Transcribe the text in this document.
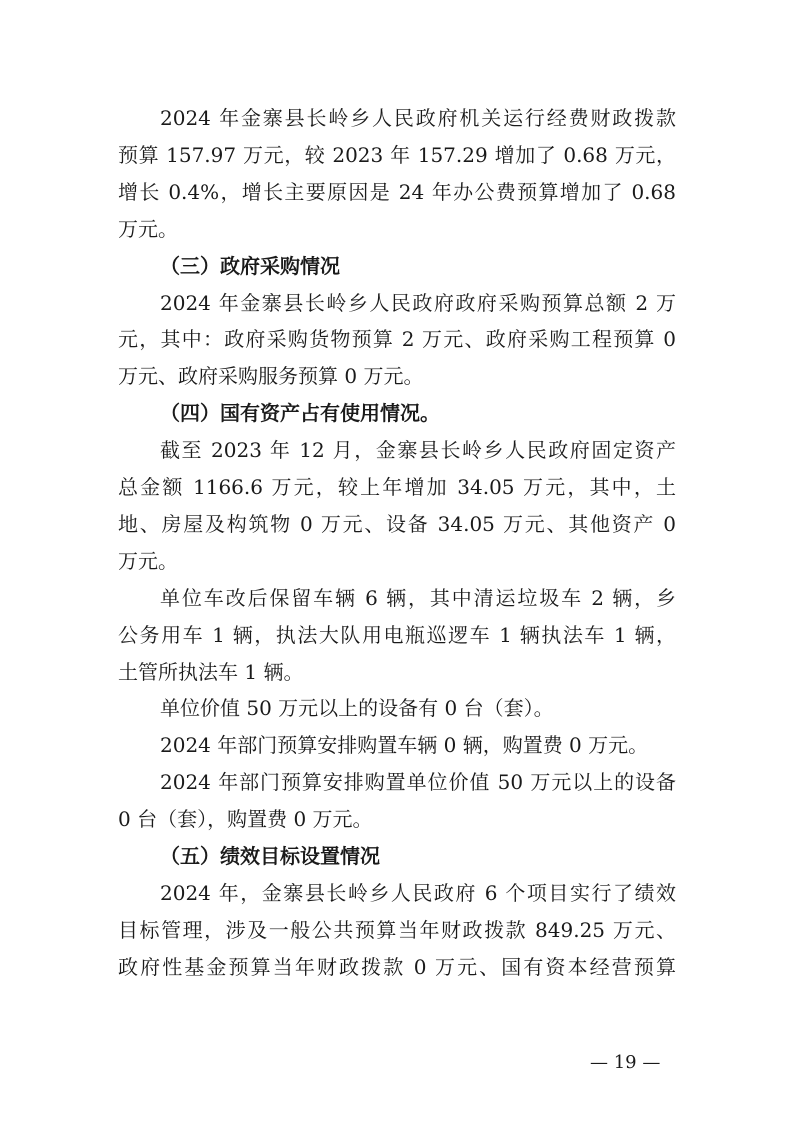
2024 年金寨县长岭乡人民政府机关运行经费财政拨款
预算 157.97 万元，较 2023 年 157.29 增加了 0.68 万元，
增长 0.4%，增长主要原因是 24 年办公费预算增加了 0.68
万元。
（三）政府采购情况
2024 年金寨县长岭乡人民政府政府采购预算总额 2 万
元，其中：政府采购货物预算 2 万元、政府采购工程预算 0
万元、政府采购服务预算 0 万元。
（四）国有资产占有使用情况。
截至 2023 年 12 月，金寨县长岭乡人民政府固定资产
总金额 1166.6 万元，较上年增加 34.05 万元，其中，土
地、房屋及构筑物 0 万元、设备 34.05 万元、其他资产 0
万元。
单位车改后保留车辆 6 辆，其中清运垃圾车 2 辆，乡
公务用车 1 辆，执法大队用电瓶巡逻车 1 辆执法车 1 辆，
土管所执法车 1 辆。
单位价值 50 万元以上的设备有 0 台（套）。
2024 年部门预算安排购置车辆 0 辆，购置费 0 万元。
2024 年部门预算安排购置单位价值 50 万元以上的设备
0 台（套），购置费 0 万元。
（五）绩效目标设置情况
2024 年，金寨县长岭乡人民政府 6 个项目实行了绩效
目标管理，涉及一般公共预算当年财政拨款 849.25 万元、
政府性基金预算当年财政拨款 0 万元、国有资本经营预算
— 19 —
